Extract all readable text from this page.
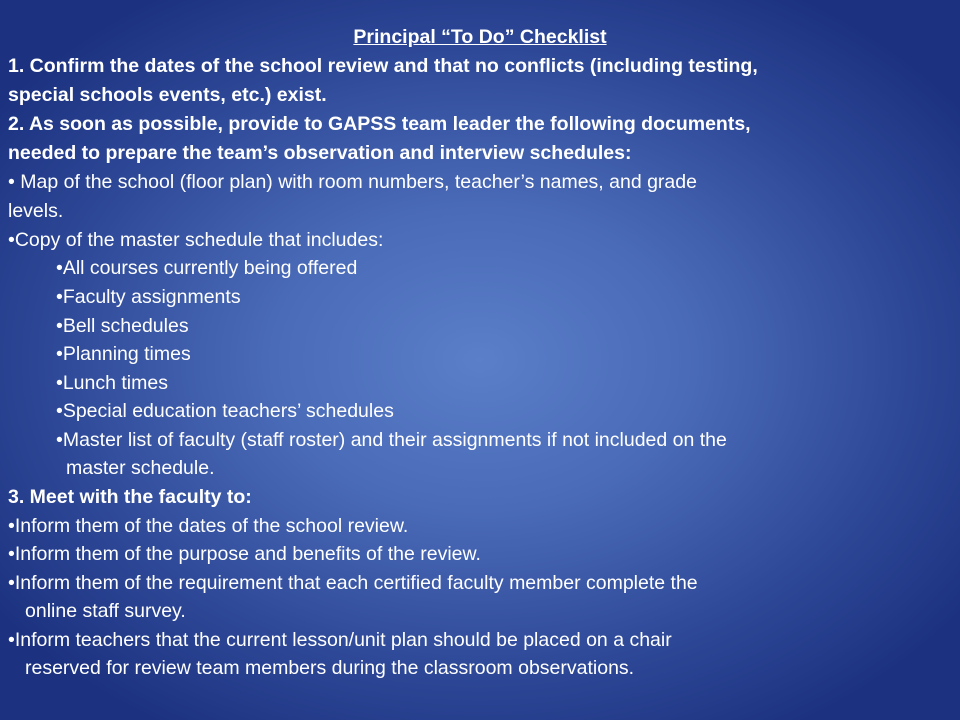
Principal “To Do” Checklist
1. Confirm the dates of the school review and that no conflicts (including testing,
special schools events, etc.) exist.
2. As soon as possible, provide to GAPSS team leader the following documents,
needed to prepare the team’s observation and interview schedules:
• Map of the school (floor plan) with room numbers, teacher’s names, and grade
levels.
•Copy of the master schedule that includes:
•All courses currently being offered
•Faculty assignments
•Bell schedules
•Planning times
•Lunch times
•Special education teachers’ schedules
•Master list of faculty (staff roster) and their assignments if not included on the
master schedule.
3. Meet with the faculty to:
•Inform them of the dates of the school review.
•Inform them of the purpose and benefits of the review.
•Inform them of the requirement that each certified faculty member complete the
online staff survey.
•Inform teachers that the current lesson/unit plan should be placed on a chair
reserved for review team members during the classroom observations.
